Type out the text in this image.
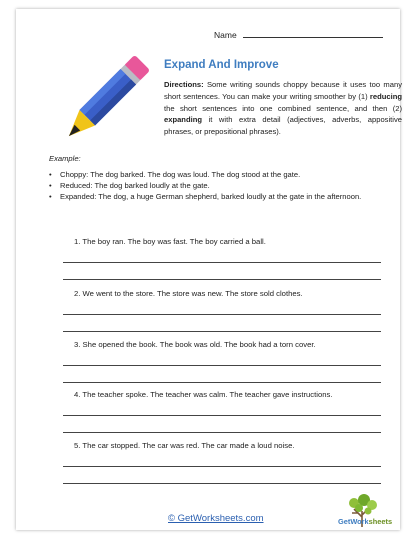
Name
Expand And Improve
Directions: Some writing sounds choppy because it uses too many short sentences. You can make your writing smoother by (1) reducing the short sentences into one combined sentence, and then (2) expanding it with extra detail (adjectives, adverbs, appositive phrases, or prepositional phrases).
Example:
• Choppy: The dog barked. The dog was loud. The dog stood at the gate.
• Reduced: The dog barked loudly at the gate.
• Expanded: The dog, a huge German shepherd, barked loudly at the gate in the afternoon.
1. The boy ran. The boy was fast. The boy carried a ball.
2. We went to the store. The store was new. The store sold clothes.
3. She opened the book. The book was old. The book had a torn cover.
4. The teacher spoke. The teacher was calm. The teacher gave instructions.
5. The car stopped. The car was red. The car made a loud noise.
© GetWorksheets.com	GetWorksheets
